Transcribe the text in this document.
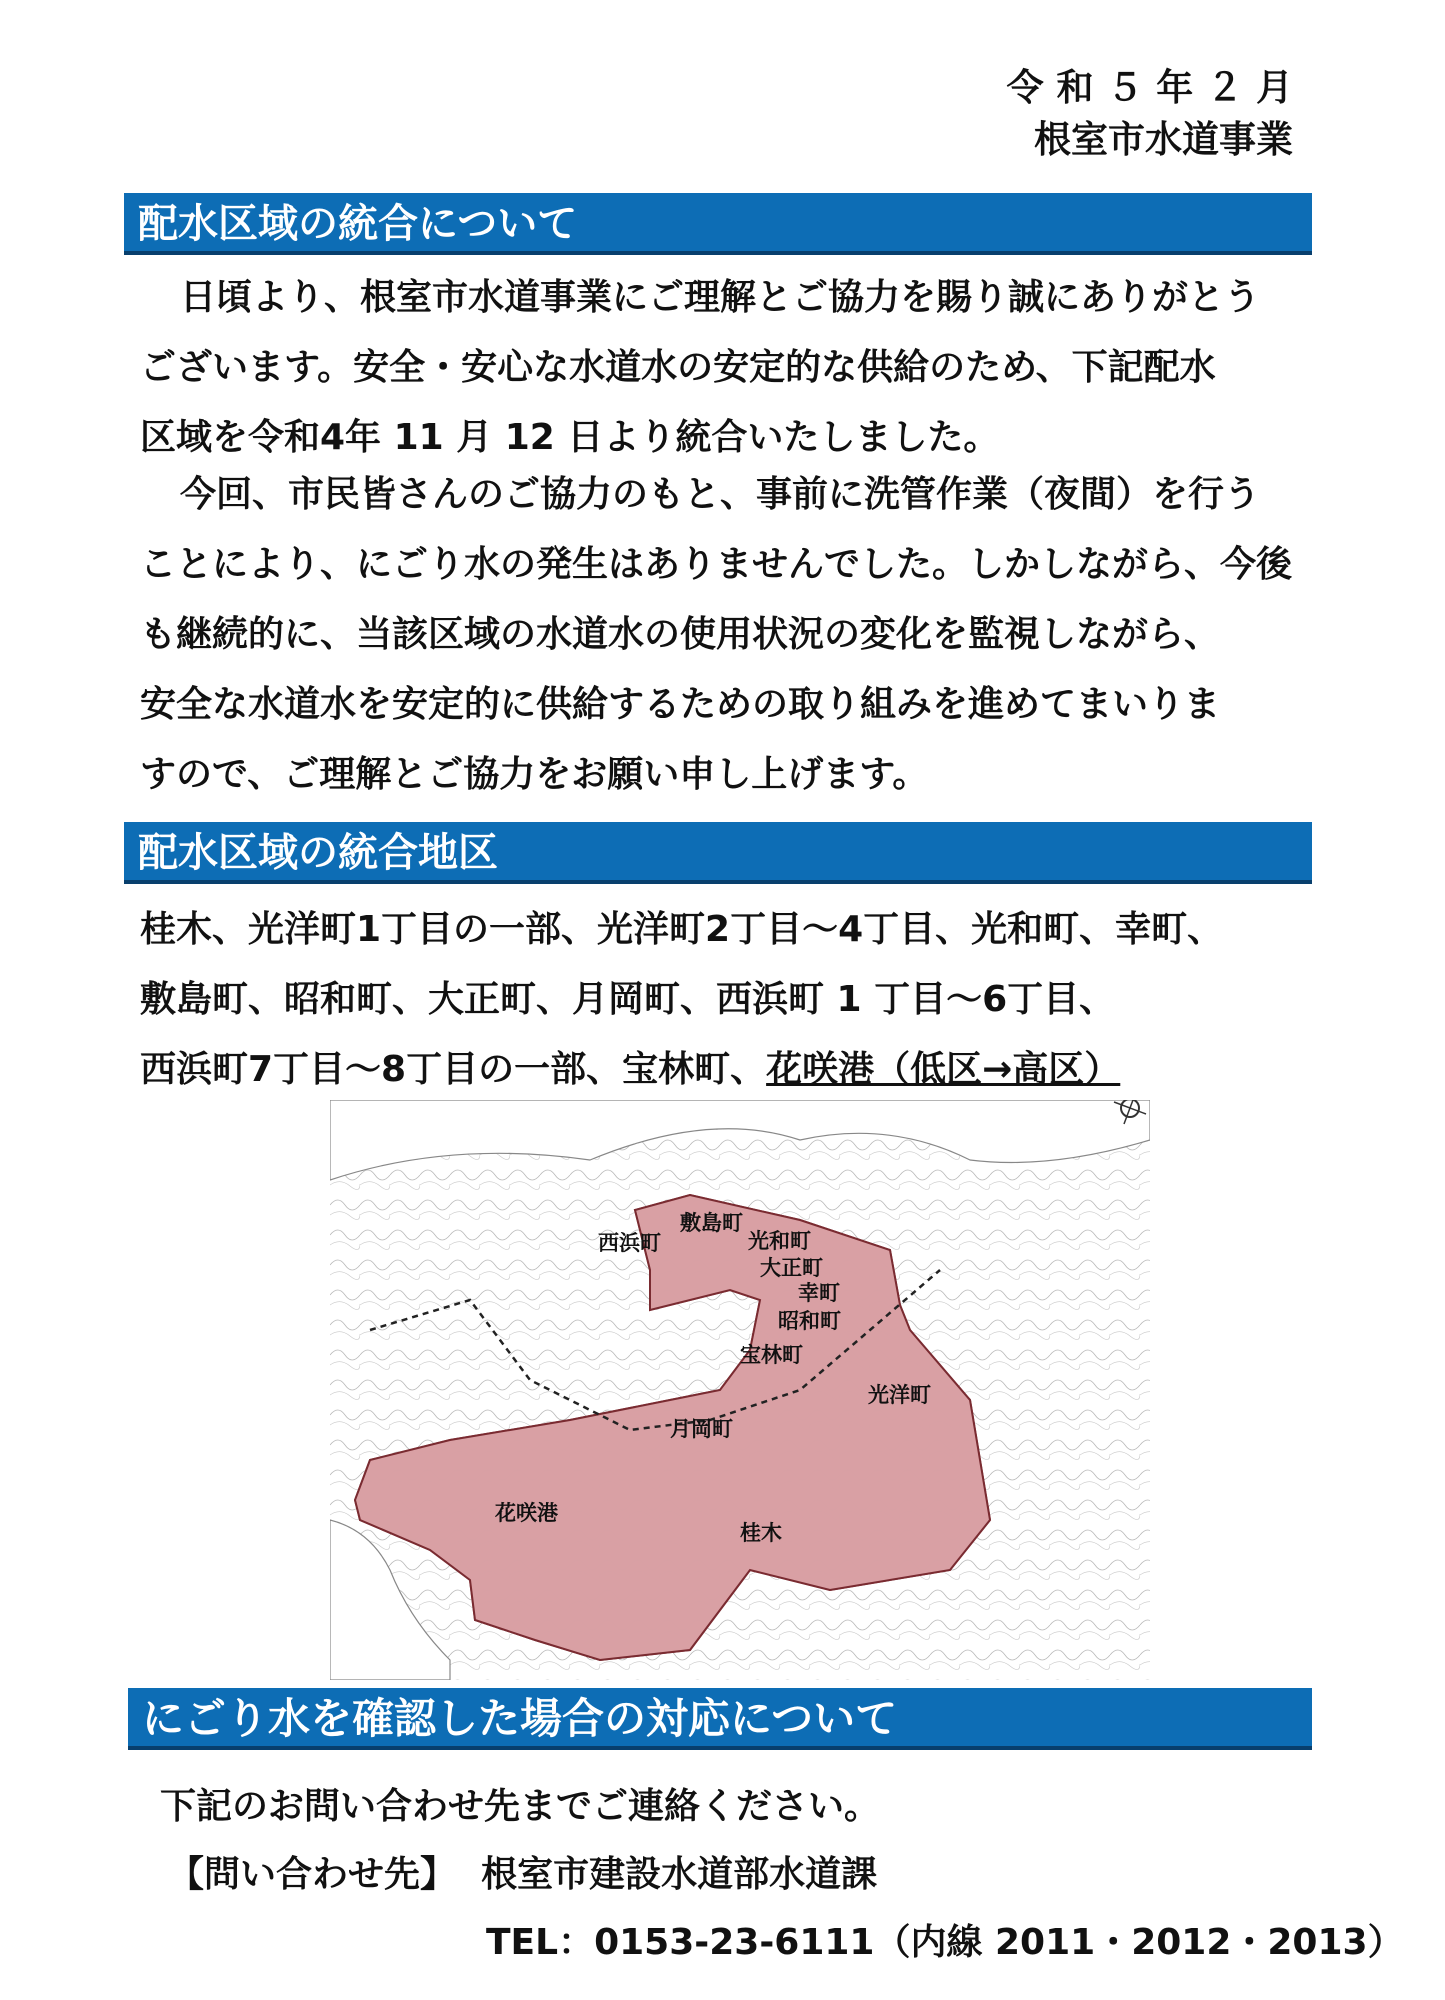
令 和 ５ 年 ２ 月
根室市水道事業
配水区域の統合について
日頃より、根室市水道事業にご理解とご協力を賜り誠にありがとう
ございます。安全・安心な水道水の安定的な供給のため、下記配水
区域を令和4年 11 月 12 日より統合いたしました。
今回、市民皆さんのご協力のもと、事前に洗管作業（夜間）を行う
ことにより、にごり水の発生はありませんでした。しかしながら、今後
も継続的に、当該区域の水道水の使用状況の変化を監視しながら、
安全な水道水を安定的に供給するための取り組みを進めてまいりま
すので、ご理解とご協力をお願い申し上げます。
配水区域の統合地区
桂木、光洋町1丁目の一部、光洋町2丁目～4丁目、光和町、幸町、
敷島町、昭和町、大正町、月岡町、西浜町 1 丁目～6丁目、
西浜町7丁目～8丁目の一部、宝林町、花咲港（低区→高区）
敷島町
西浜町	光和町
大正町
幸町
昭和町
宝林町
光洋町
月岡町
花咲港
桂木
にごり水を確認した場合の対応について
下記のお問い合わせ先までご連絡ください。
【問い合わせ先】 根室市建設水道部水道課
TEL：0153-23-6111（内線 2011・2012・2013）
